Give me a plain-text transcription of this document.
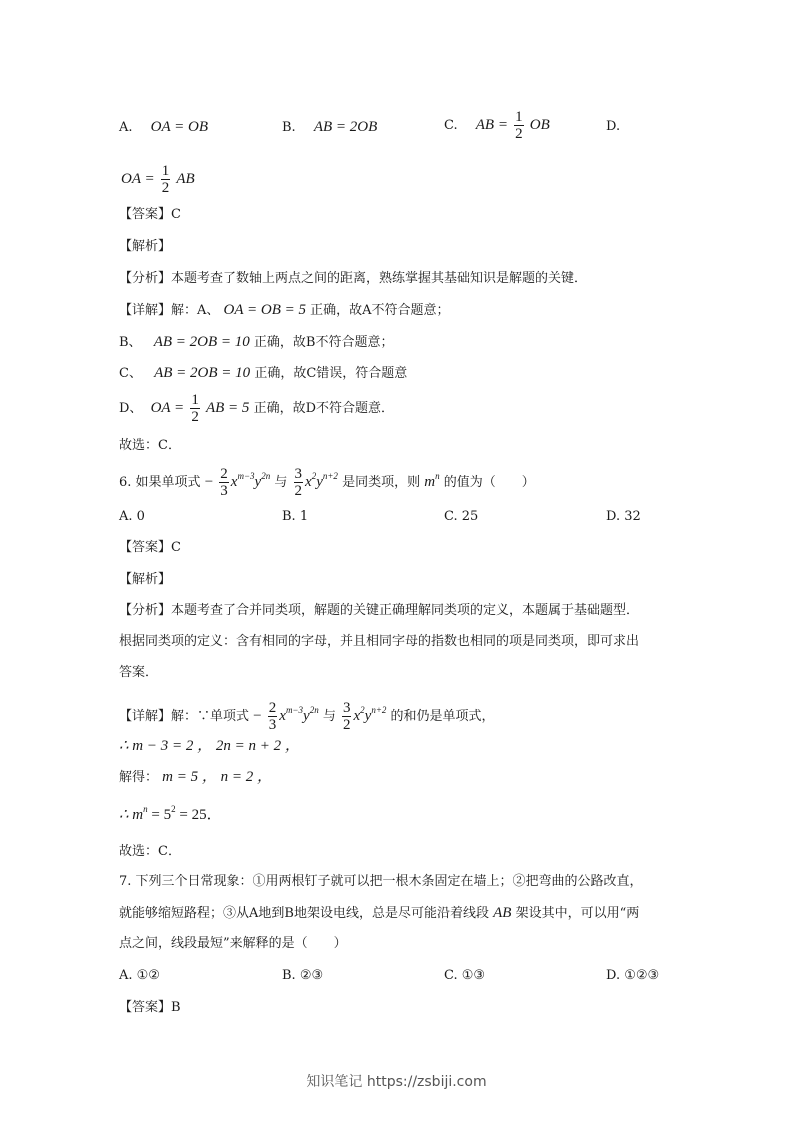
A. OA = OB	B. AB = 2OB	C. AB = $\frac{1}{2}$ OB	D.
OA = $\frac{1}{2}$ AB
【答案】C
【解析】
【分析】本题考查了数轴上两点之间的距离，熟练掌握其基础知识是解题的关键．
【详解】解：A、 OA = OB = 5 正确，故A不符合题意；
B、 AB = 2OB = 10 正确，故B不符合题意；
C、 AB = 2OB = 10 正确，故C错误，符合题意
D、 OA = $\frac{1}{2}$ AB = 5 正确，故D不符合题意．
故选：C．
6. 如果单项式 − $\frac{2}{3} x^{m-3}y^{2n}$ 与 $\frac{3}{2} x^2y^{n+2}$ 是同类项，则 $m^n$ 的值为（　　）
A. 0	B. 1	C. 25	D. 32
【答案】C
【解析】
【分析】本题考查了合并同类项，解题的关键正确理解同类项的定义，本题属于基础题型．
根据同类项的定义：含有相同的字母，并且相同字母的指数也相同的项是同类项，即可求出
答案．
【详解】解：∵单项式 − $\frac{2}{3} x^{m-3}y^{2n}$ 与 $\frac{3}{2} x^2y^{n+2}$ 的和仍是单项式，
∴ m − 3 = 2 ， 2n = n + 2 ，
解得： m = 5 ， n = 2 ，
∴ $m^n = 5^2 = 25$．
故选：C．
7. 下列三个日常现象：①用两根钉子就可以把一根木条固定在墙上；②把弯曲的公路改直，
就能够缩短路程；③从A地到B地架设电线，总是尽可能沿着线段 AB 架设其中，可以用“两
点之间，线段最短”来解释的是（　　）
A. ①②	B. ②③	C. ①③	D. ①②③
【答案】B
知识笔记 https://zsbiji.com
